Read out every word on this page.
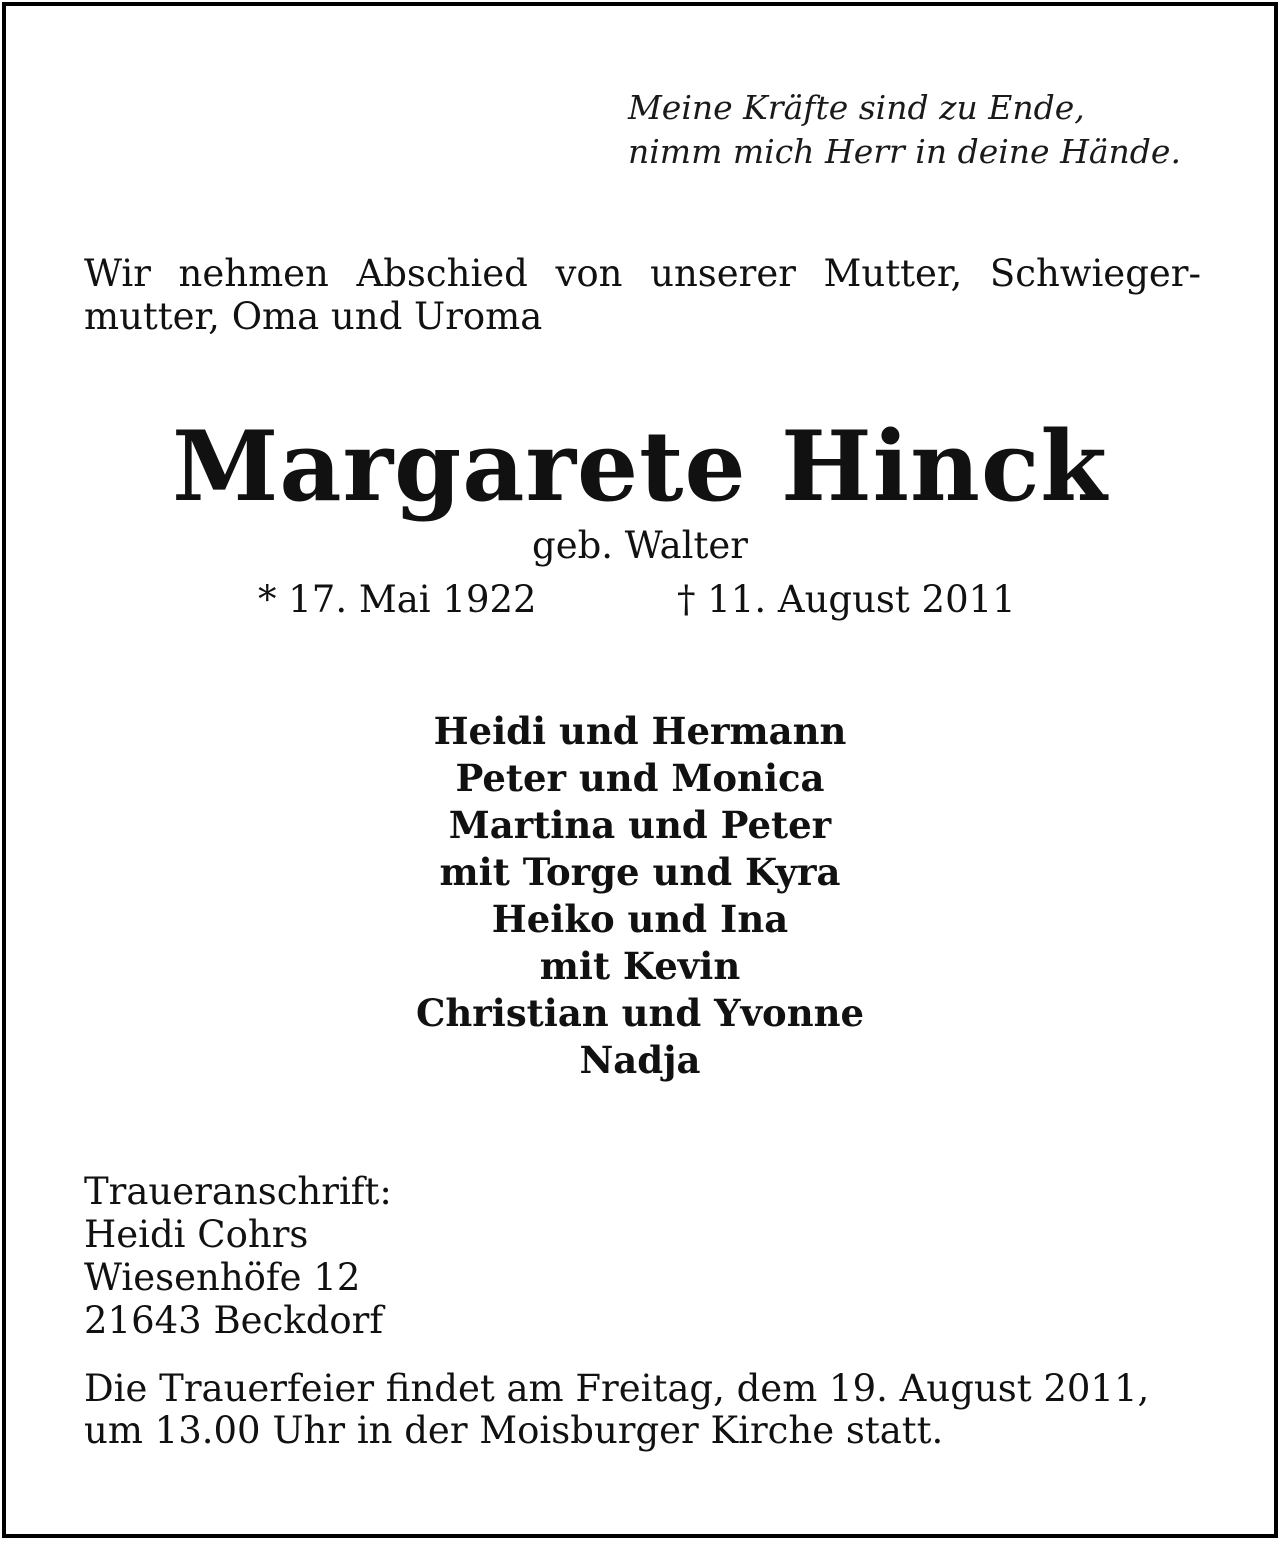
Meine Kräfte sind zu Ende,
nimm mich Herr in deine Hände.
Wir nehmen Abschied von unserer Mutter, Schwieger-
mutter, Oma und Uroma
Margarete Hinck
geb. Walter
* 17. Mai 1922	† 11. August 2011
Heidi und Hermann
Peter und Monica
Martina und Peter
mit Torge und Kyra
Heiko und Ina
mit Kevin
Christian und Yvonne
Nadja
Traueranschrift:
Heidi Cohrs
Wiesenhöfe 12
21643 Beckdorf
Die Trauerfeier findet am Freitag, dem 19. August 2011,
um 13.00 Uhr in der Moisburger Kirche statt.
